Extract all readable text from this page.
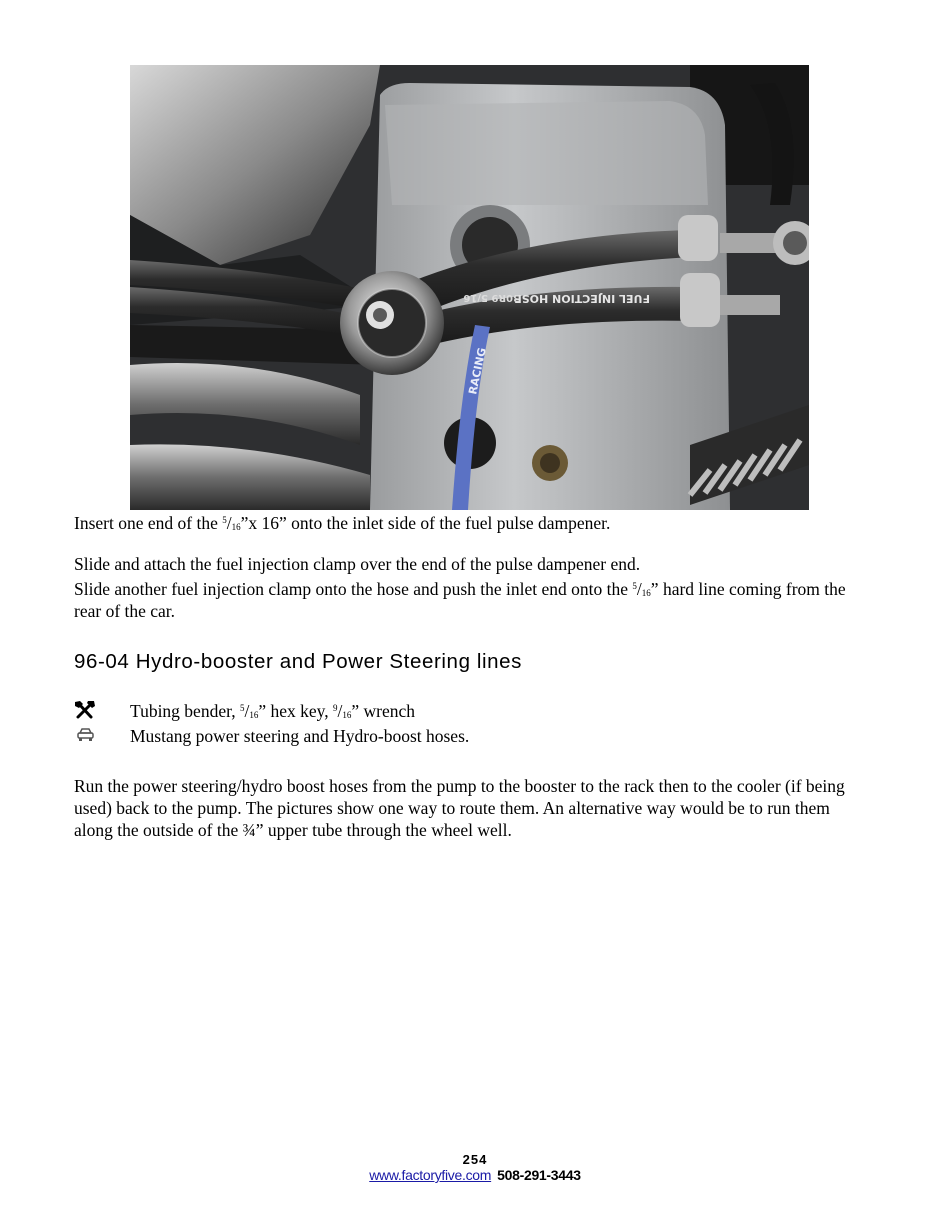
FUEL INJECTION HOSE
30R9 5/16
RACING

Insert one end of the $^5/_{16}”x$ 16” onto the inlet side of the fuel pulse dampener.

Slide and attach the fuel injection clamp over the end of the pulse dampener end.

Slide another fuel injection clamp onto the hose and push the inlet end onto the $^5/_{16}$” hard line coming from the rear of the car.

96-04 Hydro-booster and Power Steering lines
Tubing bender, $^5/_{16}$” hex key, $^9/_{16}$” wrench
Mustang power steering and Hydro-boost hoses.

Run the power steering/hydro boost hoses from the pump to the booster to the rack then to the cooler (if being used) back to the pump. The pictures show one way to route them. An alternative way would be to run them along the outside of the ¾” upper tube through the wheel well.

254
www.factoryfive.com 508-291-3443
